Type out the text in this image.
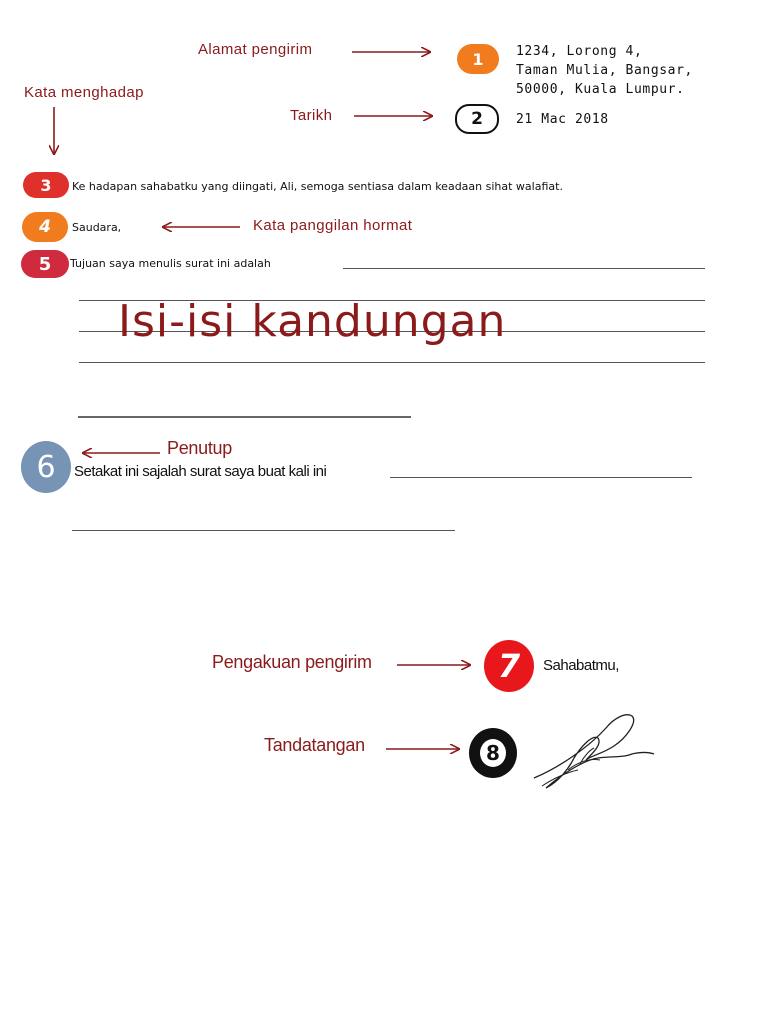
Alamat pengirim	1	1234, Lorong 4,
Taman Mulia, Bangsar,
50000, Kuala Lumpur.
Kata menghadap
Tarikh	2	21 Mac 2018
3	Ke hadapan sahabatku yang diingati, Ali, semoga sentiasa dalam keadaan sihat walafiat.
4	Saudara,	Kata panggilan hormat
5	Tujuan saya menulis surat ini adalah
Isi-isi kandungan
Penutup
6	Setakat ini sajalah surat saya buat kali ini
Pengakuan pengirim	7	Sahabatmu,
Tandatangan	8
